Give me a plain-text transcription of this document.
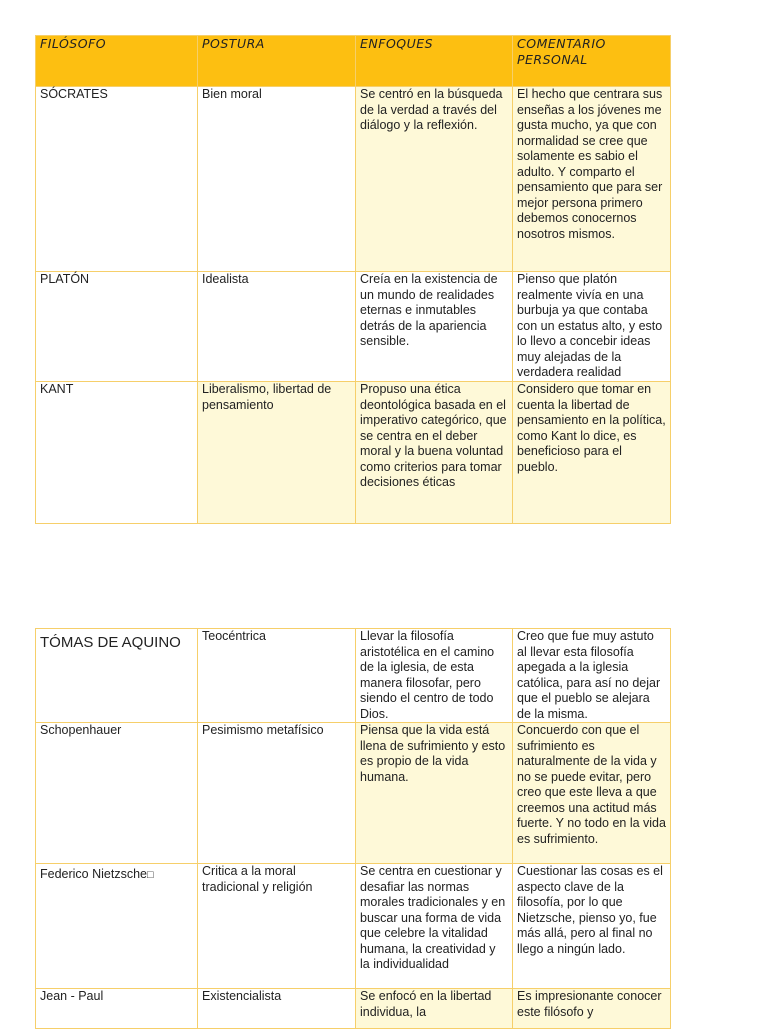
FILÓSOFO	POSTURA	ENFOQUES	COMENTARIO PERSONAL
SÓCRATES	Bien moral	Se centró en la búsqueda de la verdad a través del diálogo y la reflexión.	El hecho que centrara sus enseñas a los jóvenes me gusta mucho, ya que con normalidad se cree que solamente es sabio el adulto. Y comparto el pensamiento que para ser mejor persona primero debemos conocernos nosotros mismos.
PLATÓN	Idealista	Creía en la existencia de un mundo de realidades eternas e inmutables detrás de la apariencia sensible.	Pienso que platón realmente vivía en una burbuja ya que contaba con un estatus alto, y esto lo llevo a concebir ideas muy alejadas de la verdadera realidad
KANT	Liberalismo, libertad de pensamiento	Propuso una ética deontológica basada en el imperativo categórico, que se centra en el deber moral y la buena voluntad como criterios para tomar decisiones éticas	Considero que tomar en cuenta la libertad de pensamiento en la política, como Kant lo dice, es beneficioso para el pueblo.
TÓMAS DE AQUINO	Teocéntrica	Llevar la filosofía aristotélica en el camino de la iglesia, de esta manera filosofar, pero siendo el centro de todo Dios.	Creo que fue muy astuto al llevar esta filosofía apegada a la iglesia católica, para así no dejar que el pueblo se alejara de la misma.
Schopenhauer	Pesimismo metafísico	Piensa que la vida está llena de sufrimiento y esto es propio de la vida humana.	Concuerdo con que el sufrimiento es naturalmente de la vida y no se puede evitar, pero creo que este lleva a que creemos una actitud más fuerte. Y no todo en la vida es sufrimiento.
Federico Nietzsche□	Critica a la moral tradicional y religión	Se centra en cuestionar y desafiar las normas morales tradicionales y en buscar una forma de vida que celebre la vitalidad humana, la creatividad y la individualidad	Cuestionar las cosas es el aspecto clave de la filosofía, por lo que Nietzsche, pienso yo, fue más allá, pero al final no llego a ningún lado.
Jean - Paul	Existencialista	Se enfocó en la libertad individua, la	Es impresionante conocer este filósofo y
